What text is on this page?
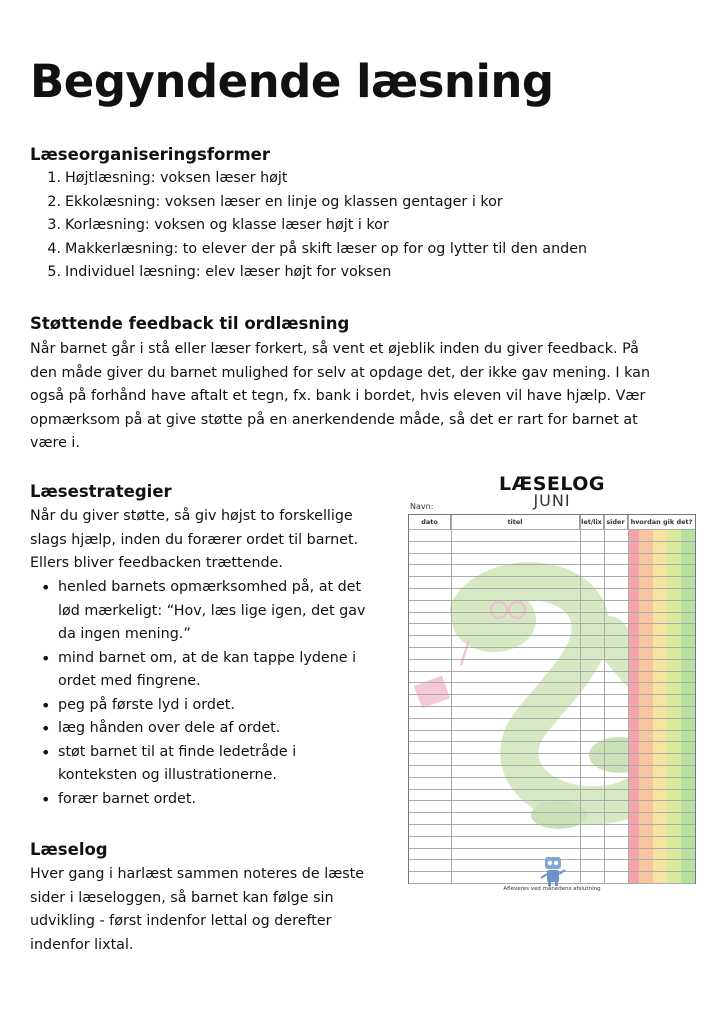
Begyndende læsning
Læseorganiseringsformer
1. Højtlæsning: voksen læser højt
2. Ekkolæsning: voksen læser en linje og klassen gentager i kor
3. Korlæsning: voksen og klasse læser højt i kor
4. Makkerlæsning: to elever der på skift læser op for og lytter til den anden
5. Individuel læsning: elev læser højt for voksen
Støttende feedback til ordlæsning
Når barnet går i stå eller læser forkert, så vent et øjeblik inden du giver feedback. På
den måde giver du barnet mulighed for selv at opdage det, der ikke gav mening. I kan
også på forhånd have aftalt et tegn, fx. bank i bordet, hvis eleven vil have hjælp. Vær
opmærksom på at give støtte på en anerkendende måde, så det er rart for barnet at
være i.
Læsestrategier
Når du giver støtte, så giv højst to forskellige
slags hjælp, inden du forærer ordet til barnet.
Ellers bliver feedbacken trættende.
• henled barnets opmærksomhed på, at det
lød mærkeligt: “Hov, læs lige igen, det gav
da ingen mening.”
• mind barnet om, at de kan tappe lydene i
ordet med fingrene.
• peg på første lyd i ordet.
• læg hånden over dele af ordet.
• støt barnet til at finde ledetråde i
konteksten og illustrationerne.
• forær barnet ordet.
Læselog
Hver gang i harlæst sammen noteres de læste
sider i læseloggen, så barnet kan følge sin
udvikling - først indenfor lettal og derefter
indenfor lixtal.
LÆSELOG
JUNI
Navn:
dato	titel	let/lix sider hvordan gik det?
Afleveres ved månedens afslutning
